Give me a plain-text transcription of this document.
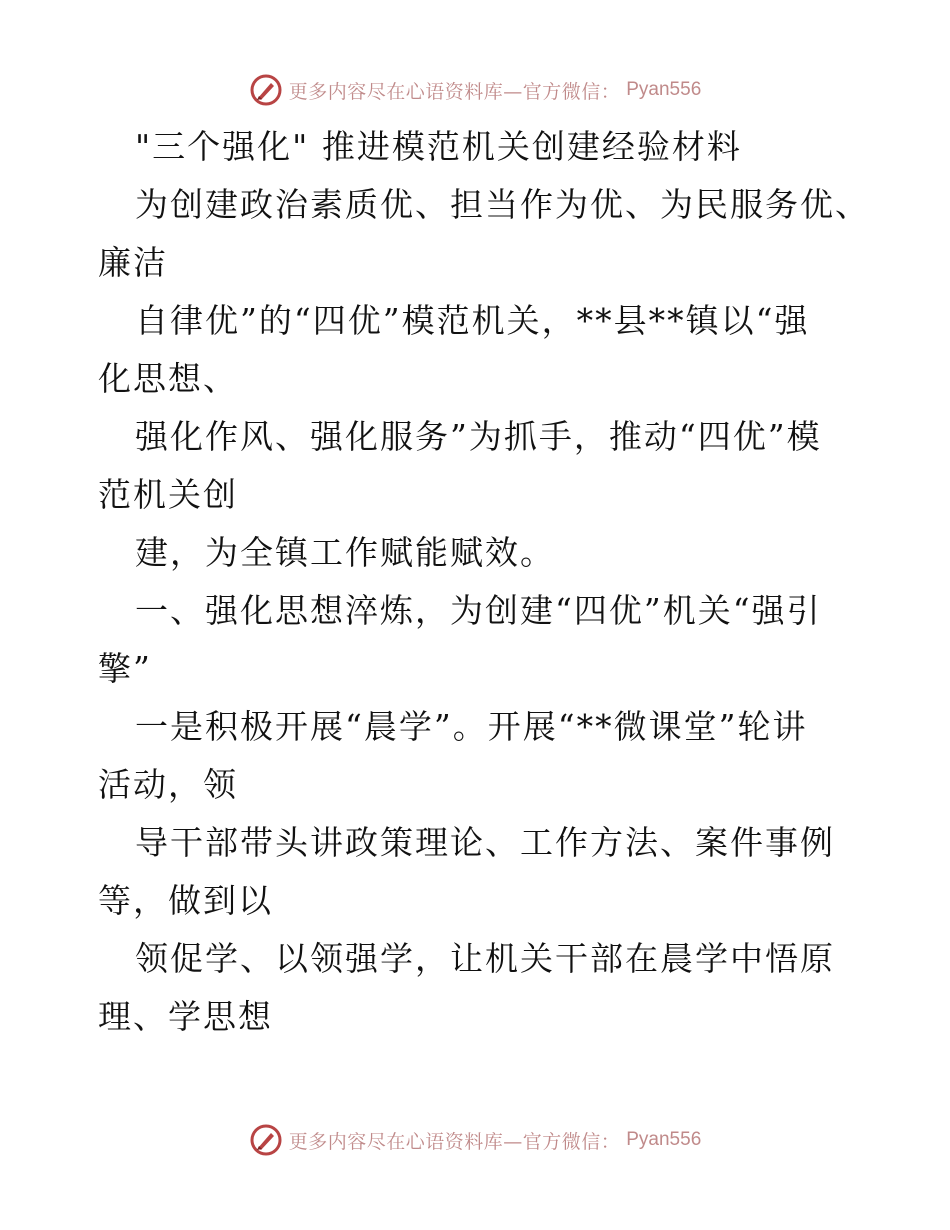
更多内容尽在心语资料库—官方微信： Pyan556
"三个强化" 推进模范机关创建经验材料
为创建政治素质优、担当作为优、为民服务优、
廉洁
自律优”的“四优”模范机关，**县**镇以“强
化思想、
强化作风、强化服务”为抓手，推动“四优”模
范机关创
建，为全镇工作赋能赋效。
一、强化思想淬炼，为创建“四优”机关“强引
擎”
一是积极开展“晨学”。开展“**微课堂”轮讲
活动，领
导干部带头讲政策理论、工作方法、案件事例
等，做到以
领促学、以领强学，让机关干部在晨学中悟原
理、学思想
更多内容尽在心语资料库—官方微信： Pyan556
